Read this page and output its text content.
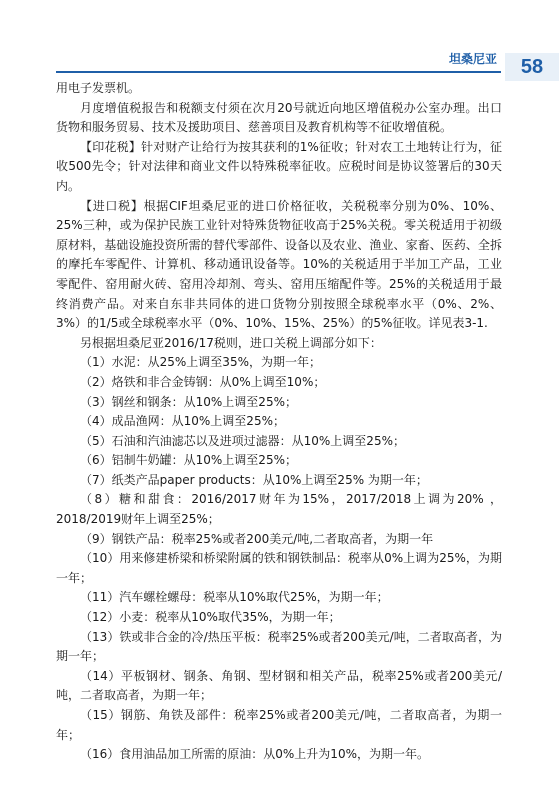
坦桑尼亚	58

用电子发票机。

月度增值税报告和税额支付须在次月20号就近向地区增值税办公室办理。出口货物和服务贸易、技术及援助项目、慈善项目及教育机构等不征收增值税。

【印花税】针对财产让给行为按其获利的1%征收；针对农工土地转让行为，征收500先令；针对法律和商业文件以特殊税率征收。应税时间是协议签署后的30天内。

【进口税】根据CIF坦桑尼亚的进口价格征收，关税税率分别为0%、10%、25%三种，或为保护民族工业针对特殊货物征收高于25%关税。零关税适用于初级原材料，基础设施投资所需的替代零部件、设备以及农业、渔业、家畜、医药、全拆的摩托车零配件、计算机、移动通讯设备等。10%的关税适用于半加工产品，工业零配件、窑用耐火砖、窑用冷却剂、弯头、窑用压缩配件等。25%的关税适用于最终消费产品。对来自东非共同体的进口货物分别按照全球税率水平（0%、2%、3%）的1/5或全球税率水平（0%、10%、15%、25%）的5%征收。详见表3-1.

另根据坦桑尼亚2016/17税则，进口关税上调部分如下：

（1）水泥：从25%上调至35%，为期一年；

（2）烙铁和非合金铸钢：从0%上调至10%；

（3）钢丝和钢条：从10%上调至25%；

（4）成品渔网：从10%上调至25%；

（5）石油和汽油滤芯以及进项过滤器：从10%上调至25%；

（6）铝制牛奶罐：从10%上调至25%；

（7）纸类产品paper products：从10%上调至25% 为期一年；

（8）糖和甜食：2016/2017财年为15%，2017/2018上调为20% ，2018/2019财年上调至25%；

（9）钢铁产品：税率25%或者200美元/吨,二者取高者，为期一年

（10）用来修建桥梁和桥梁附属的铁和钢铁制品：税率从0%上调为25%，为期一年；

（11）汽车螺栓螺母：税率从10%取代25%，为期一年；

（12）小麦：税率从10%取代35%，为期一年；

（13）铁或非合金的冷/热压平板：税率25%或者200美元/吨，二者取高者，为期一年；

（14）平板钢材、钢条、角钢、型材钢和相关产品，税率25%或者200美元/吨，二者取高者，为期一年；

（15）钢筋、角铁及部件：税率25%或者200美元/吨，二者取高者，为期一年；

（16）食用油品加工所需的原油：从0%上升为10%，为期一年。
